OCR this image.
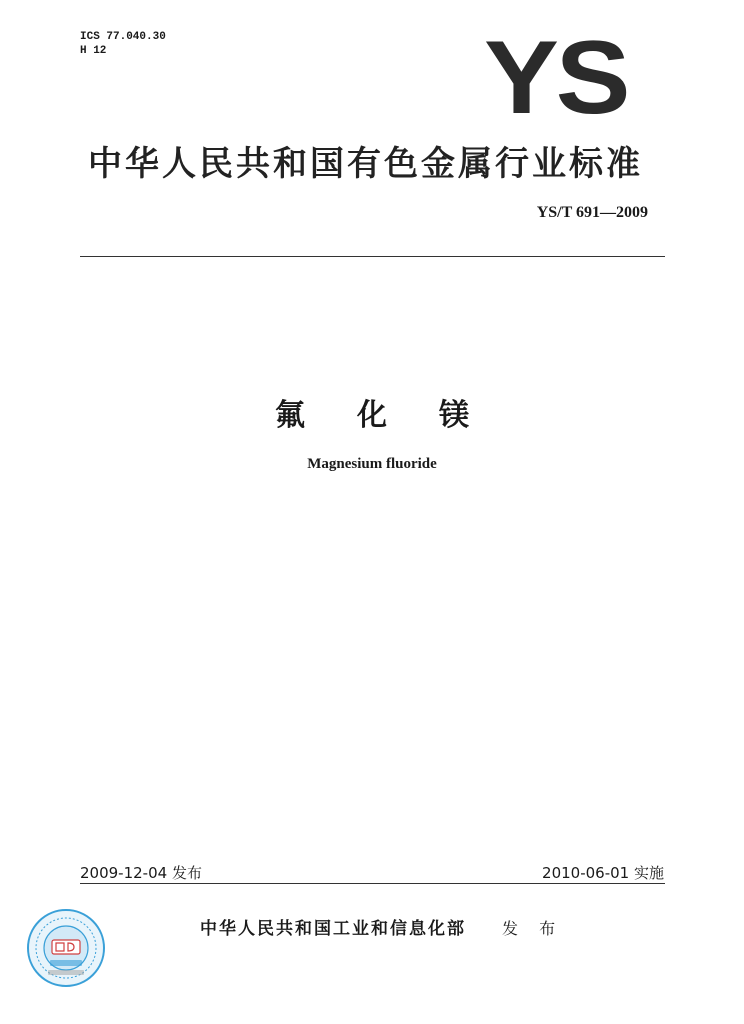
ICS 77.040.30
H 12	YS
中华人民共和国有色金属行业标准
YS/T 691—2009
氟化镁
Magnesium fluoride
2009-12-04 发布	2010-06-01 实施
中华人民共和国工业和信息化部 发 布
